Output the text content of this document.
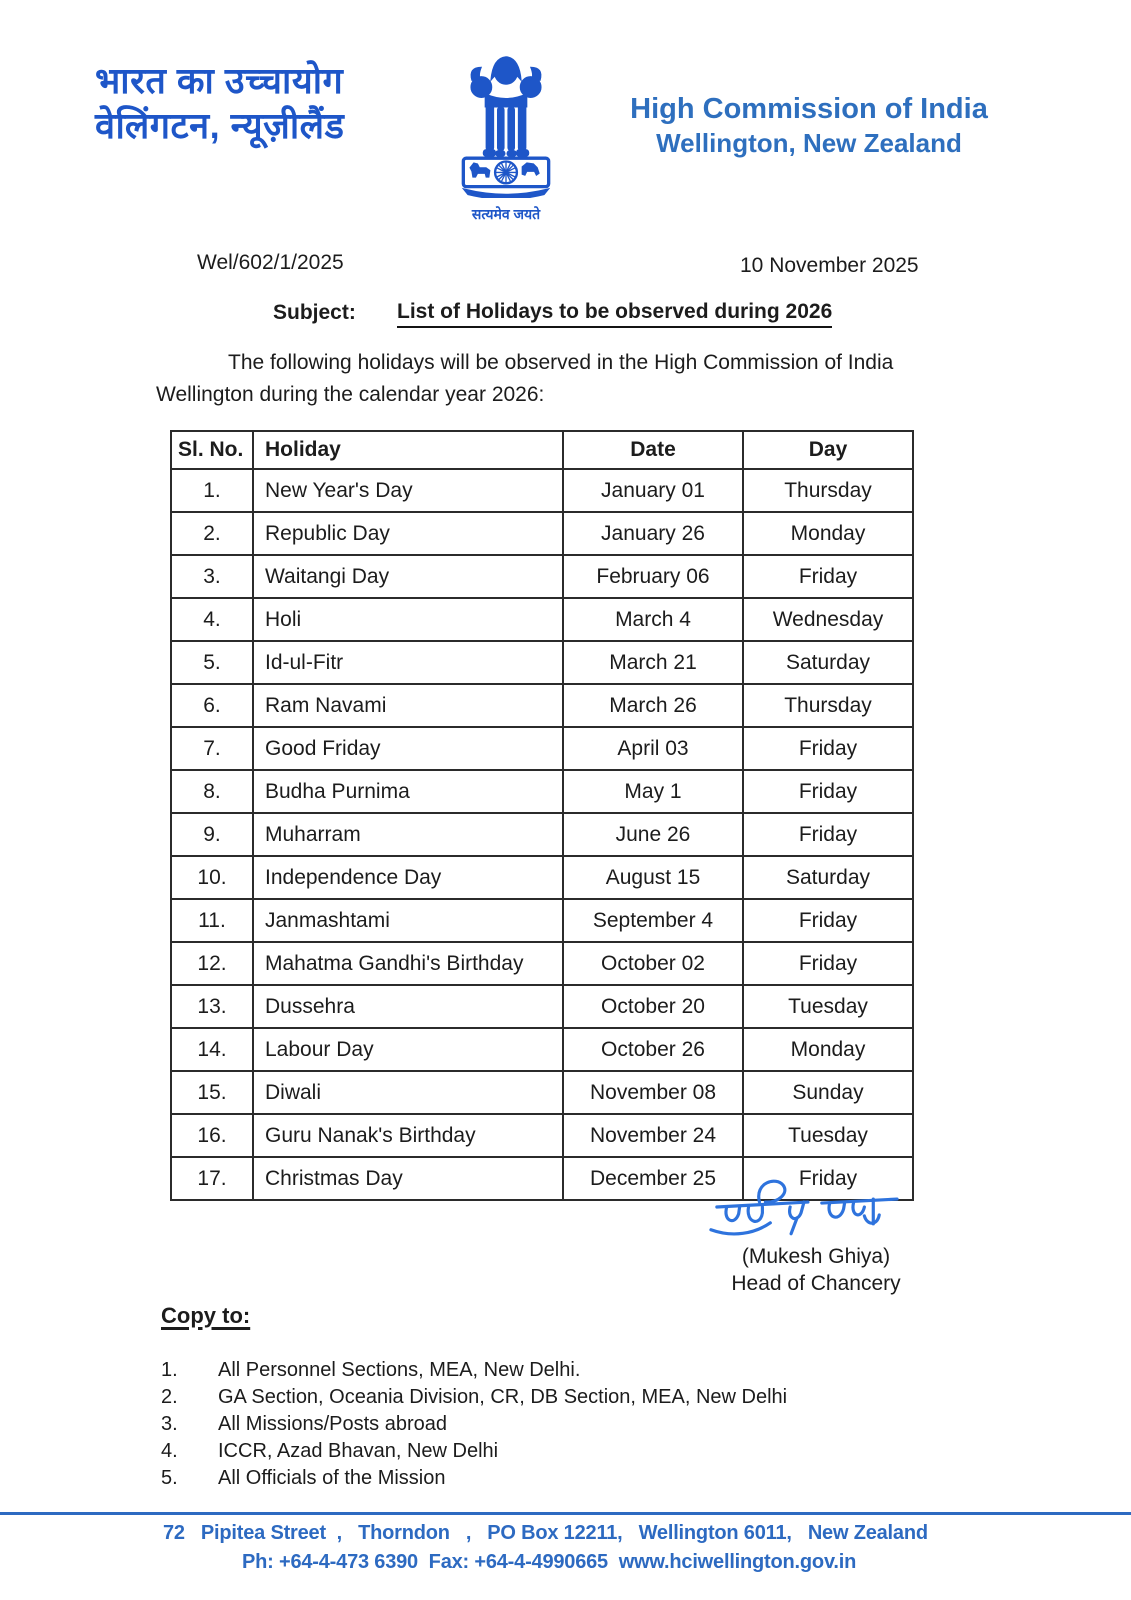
भारत का उच्चायोग
वेलिंगटन, न्यूज़ीलैंड
सत्यमेव जयते
High Commission of India
Wellington, New Zealand
Wel/602/1/2025	10 November 2025
Subject: List of Holidays to be observed during 2026
The following holidays will be observed in the High Commission of India Wellington during the calendar year 2026:
Sl. No.	Holiday	Date	Day
1.	New Year's Day	January 01	Thursday
2.	Republic Day	January 26	Monday
3.	Waitangi Day	February 06	Friday
4.	Holi	March 4	Wednesday
5.	Id-ul-Fitr	March 21	Saturday
6.	Ram Navami	March 26	Thursday
7.	Good Friday	April 03	Friday
8.	Budha Purnima	May 1	Friday
9.	Muharram	June 26	Friday
10.	Independence Day	August 15	Saturday
11.	Janmashtami	September 4	Friday
12.	Mahatma Gandhi's Birthday	October 02	Friday
13.	Dussehra	October 20	Tuesday
14.	Labour Day	October 26	Monday
15.	Diwali	November 08	Sunday
16.	Guru Nanak's Birthday	November 24	Tuesday
17.	Christmas Day	December 25	Friday
(Mukesh Ghiya)
Head of Chancery
Copy to:
1.	All Personnel Sections, MEA, New Delhi.
2.	GA Section, Oceania Division, CR, DB Section, MEA, New Delhi
3.	All Missions/Posts abroad
4.	ICCR, Azad Bhavan, New Delhi
5.	All Officials of the Mission
72   Pipitea Street  ,   Thorndon   ,   PO Box 12211,   Wellington 6011,   New Zealand
Ph: +64-4-473 6390  Fax: +64-4-4990665  www.hciwellington.gov.in
